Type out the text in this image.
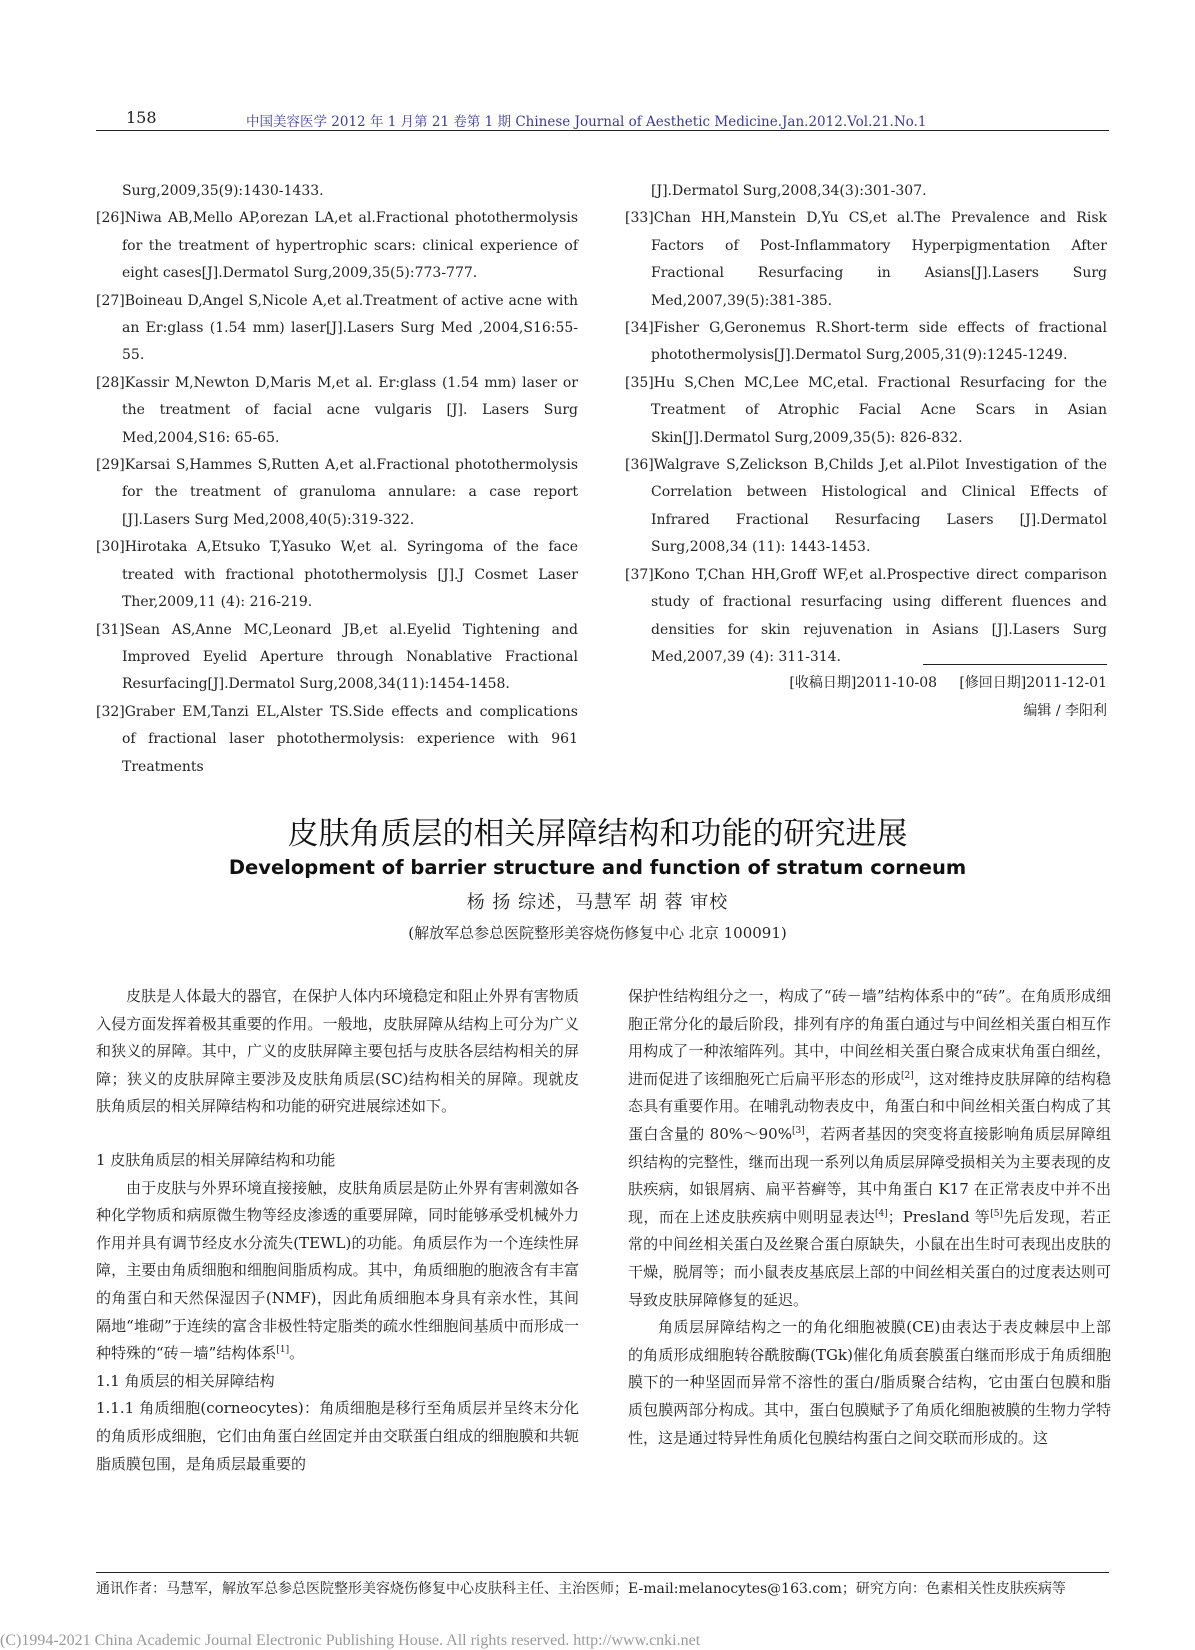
158	中国美容医学 2012 年 1 月第 21 卷第 1 期 Chinese Journal of Aesthetic Medicine.Jan.2012.Vol.21.No.1

Surg,2009,35(9):1430-1433.

[26]Niwa AB,Mello AP,orezan LA,et al.Fractional photothermolysis for the treatment of hypertrophic scars: clinical experience of eight cases[J].Dermatol Surg,2009,35(5):773-777.

[27]Boineau D,Angel S,Nicole A,et al.Treatment of active acne with an Er:glass (1.54 mm) laser[J].Lasers Surg Med ,2004,S16:55-55.

[28]Kassir M,Newton D,Maris M,et al. Er:glass (1.54 mm) laser or the treatment of facial acne vulgaris [J]. Lasers Surg Med,2004,S16: 65-65.

[29]Karsai S,Hammes S,Rutten A,et al.Fractional photothermolysis for the treatment of granuloma annulare: a case report [J].Lasers Surg Med,2008,40(5):319-322.

[30]Hirotaka A,Etsuko T,Yasuko W,et al. Syringoma of the face treated with fractional photothermolysis [J].J Cosmet Laser Ther,2009,11 (4): 216-219.

[31]Sean AS,Anne MC,Leonard JB,et al.Eyelid Tightening and Improved Eyelid Aperture through Nonablative Fractional Resurfacing[J].Dermatol Surg,2008,34(11):1454-1458.

[32]Graber EM,Tanzi EL,Alster TS.Side effects and complications of fractional laser photothermolysis: experience with 961 Treatments

[J].Dermatol Surg,2008,34(3):301-307.

[33]Chan HH,Manstein D,Yu CS,et al.The Prevalence and Risk Factors of Post-Inflammatory Hyperpigmentation After Fractional Resurfacing in Asians[J].Lasers Surg Med,2007,39(5):381-385.

[34]Fisher G,Geronemus R.Short-term side effects of fractional photothermolysis[J].Dermatol Surg,2005,31(9):1245-1249.

[35]Hu S,Chen MC,Lee MC,etal. Fractional Resurfacing for the Treatment of Atrophic Facial Acne Scars in Asian Skin[J].Dermatol Surg,2009,35(5): 826-832.

[36]Walgrave S,Zelickson B,Childs J,et al.Pilot Investigation of the Correlation between Histological and Clinical Effects of Infrared Fractional Resurfacing Lasers [J].Dermatol Surg,2008,34 (11): 1443-1453.

[37]Kono T,Chan HH,Groff WF,et al.Prospective direct comparison study of fractional resurfacing using different fluences and densities for skin rejuvenation in Asians [J].Lasers Surg Med,2007,39 (4): 311-314.

[收稿日期]2011-10-08 [修回日期]2011-12-01
编辑 / 李阳利
皮肤角质层的相关屏障结构和功能的研究进展
Development of barrier structure and function of stratum corneum
杨 扬 综述，马慧军 胡 蓉 审校
(解放军总参总医院整形美容烧伤修复中心 北京 100091)

皮肤是人体最大的器官，在保护人体内环境稳定和阻止外界有害物质入侵方面发挥着极其重要的作用。一般地，皮肤屏障从结构上可分为广义和狭义的屏障。其中，广义的皮肤屏障主要包括与皮肤各层结构相关的屏障；狭义的皮肤屏障主要涉及皮肤角质层(SC)结构相关的屏障。现就皮肤角质层的相关屏障结构和功能的研究进展综述如下。

1 皮肤角质层的相关屏障结构和功能

由于皮肤与外界环境直接接触，皮肤角质层是防止外界有害刺激如各种化学物质和病原微生物等经皮渗透的重要屏障，同时能够承受机械外力作用并具有调节经皮水分流失(TEWL)的功能。角质层作为一个连续性屏障，主要由角质细胞和细胞间脂质构成。其中，角质细胞的胞液含有丰富的角蛋白和天然保湿因子(NMF)，因此角质细胞本身具有亲水性，其间隔地“堆砌”于连续的富含非极性特定脂类的疏水性细胞间基质中而形成一种特殊的“砖－墙”结构体系[1]。

1.1 角质层的相关屏障结构

1.1.1 角质细胞(corneocytes)：角质细胞是移行至角质层并呈终末分化的角质形成细胞，它们由角蛋白丝固定并由交联蛋白组成的细胞膜和共轭脂质膜包围，是角质层最重要的

保护性结构组分之一，构成了“砖－墙”结构体系中的“砖”。在角质形成细胞正常分化的最后阶段，排列有序的角蛋白通过与中间丝相关蛋白相互作用构成了一种浓缩阵列。其中，中间丝相关蛋白聚合成束状角蛋白细丝，进而促进了该细胞死亡后扁平形态的形成[2]，这对维持皮肤屏障的结构稳态具有重要作用。在哺乳动物表皮中，角蛋白和中间丝相关蛋白构成了其蛋白含量的 80%～90%[3]，若两者基因的突变将直接影响角质层屏障组织结构的完整性，继而出现一系列以角质层屏障受损相关为主要表现的皮肤疾病，如银屑病、扁平苔癣等，其中角蛋白 K17 在正常表皮中并不出现，而在上述皮肤疾病中则明显表达[4]；Presland 等[5]先后发现，若正常的中间丝相关蛋白及丝聚合蛋白原缺失，小鼠在出生时可表现出皮肤的干燥，脱屑等；而小鼠表皮基底层上部的中间丝相关蛋白的过度表达则可导致皮肤屏障修复的延迟。

角质层屏障结构之一的角化细胞被膜(CE)由表达于表皮棘层中上部的角质形成细胞转谷酰胺酶(TGk)催化角质套膜蛋白继而形成于角质细胞膜下的一种坚固而异常不溶性的蛋白/脂质聚合结构，它由蛋白包膜和脂质包膜两部分构成。其中，蛋白包膜赋予了角质化细胞被膜的生物力学特性，这是通过特异性角质化包膜结构蛋白之间交联而形成的。这

通讯作者：马慧军，解放军总参总医院整形美容烧伤修复中心皮肤科主任、主治医师；E-mail:melanocytes@163.com；研究方向：色素相关性皮肤疾病等
(C)1994-2021 China Academic Journal Electronic Publishing House. All rights reserved. http://www.cnki.net
